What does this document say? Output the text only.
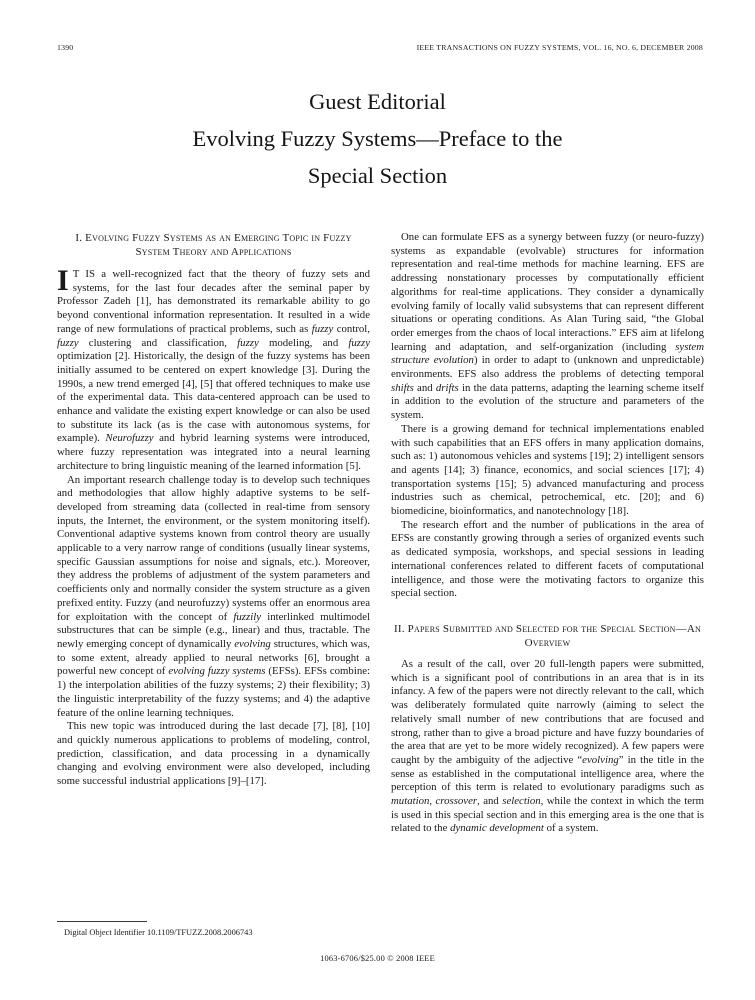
1390	IEEE TRANSACTIONS ON FUZZY SYSTEMS, VOL. 16, NO. 6, DECEMBER 2008
Guest Editorial
Evolving Fuzzy Systems—Preface to the
Special Section
I. Evolving Fuzzy Systems as an Emerging Topic in Fuzzy System Theory and Applications

I T IS a well-recognized fact that the theory of fuzzy sets and systems, for the last four decades after the seminal paper by Professor Zadeh [1], has demonstrated its remarkable ability to go beyond conventional information representation. It resulted in a wide range of new formulations of practical problems, such as fuzzy control, fuzzy clustering and classification, fuzzy modeling, and fuzzy optimization [2]. Historically, the design of the fuzzy systems has been initially assumed to be centered on expert knowledge [3]. During the 1990s, a new trend emerged [4], [5] that offered techniques to make use of the experimental data. This data-centered approach can be used to enhance and validate the existing expert knowledge or can also be used to substitute its lack (as is the case with autonomous systems, for example). Neurofuzzy and hybrid learning systems were introduced, where fuzzy representation was integrated into a neural learning architecture to bring linguistic meaning of the learned information [5].

An important research challenge today is to develop such techniques and methodologies that allow highly adaptive systems to be self-developed from streaming data (collected in real-time from sensory inputs, the Internet, the environment, or the system monitoring itself). Conventional adaptive systems known from control theory are usually applicable to a very narrow range of conditions (usually linear systems, specific Gaussian assumptions for noise and signals, etc.). Moreover, they address the problems of adjustment of the system parameters and coefficients only and normally consider the system structure as a given prefixed entity. Fuzzy (and neurofuzzy) systems offer an enormous area for exploitation with the concept of fuzzily interlinked multimodel substructures that can be simple (e.g., linear) and thus, tractable. The newly emerging concept of dynamically evolving structures, which was, to some extent, already applied to neural networks [6], brought a powerful new concept of evolving fuzzy systems (EFSs). EFSs combine: 1) the interpolation abilities of the fuzzy systems; 2) their flexibility; 3) the linguistic interpretability of the fuzzy systems; and 4) the adaptive feature of the online learning techniques.

This new topic was introduced during the last decade [7], [8], [10] and quickly numerous applications to problems of modeling, control, prediction, classification, and data processing in a dynamically changing and evolving environment were also developed, including some successful industrial applications [9]–[17].

One can formulate EFS as a synergy between fuzzy (or neuro-fuzzy) systems as expandable (evolvable) structures for information representation and real-time methods for machine learning. EFS are addressing nonstationary processes by computationally efficient algorithms for real-time applications. They consider a dynamically evolving family of locally valid subsystems that can represent different situations or operating conditions. As Alan Turing said, “the Global order emerges from the chaos of local interactions.” EFS aim at lifelong learning and adaptation, and self-organization (including system structure evolution) in order to adapt to (unknown and unpredictable) environments. EFS also address the problems of detecting temporal shifts and drifts in the data patterns, adapting the learning scheme itself in addition to the evolution of the structure and parameters of the system.

There is a growing demand for technical implementations enabled with such capabilities that an EFS offers in many application domains, such as: 1) autonomous vehicles and systems [19]; 2) intelligent sensors and agents [14]; 3) finance, economics, and social sciences [17]; 4) transportation systems [15]; 5) advanced manufacturing and process industries such as chemical, petrochemical, etc. [20]; and 6) biomedicine, bioinformatics, and nanotechnology [18].

The research effort and the number of publications in the area of EFSs are constantly growing through a series of organized events such as dedicated symposia, workshops, and special sessions in leading international conferences related to different facets of computational intelligence, and those were the motivating factors to organize this special section.

II. Papers Submitted and Selected for the Special Section—An Overview

As a result of the call, over 20 full-length papers were submitted, which is a significant pool of contributions in an area that is in its infancy. A few of the papers were not directly relevant to the call, which was deliberately formulated quite narrowly (aiming to select the relatively small number of new contributions that are focused and strong, rather than to give a broad picture and have fuzzy boundaries of the area that are yet to be more widely recognized). A few papers were caught by the ambiguity of the adjective “evolving” in the title in the sense as established in the computational intelligence area, where the perception of this term is related to evolutionary paradigms such as mutation, crossover, and selection, while the context in which the term is used in this special section and in this emerging area is the one that is related to the dynamic development of a system.

Digital Object Identifier 10.1109/TFUZZ.2008.2006743
1063-6706/$25.00 © 2008 IEEE
